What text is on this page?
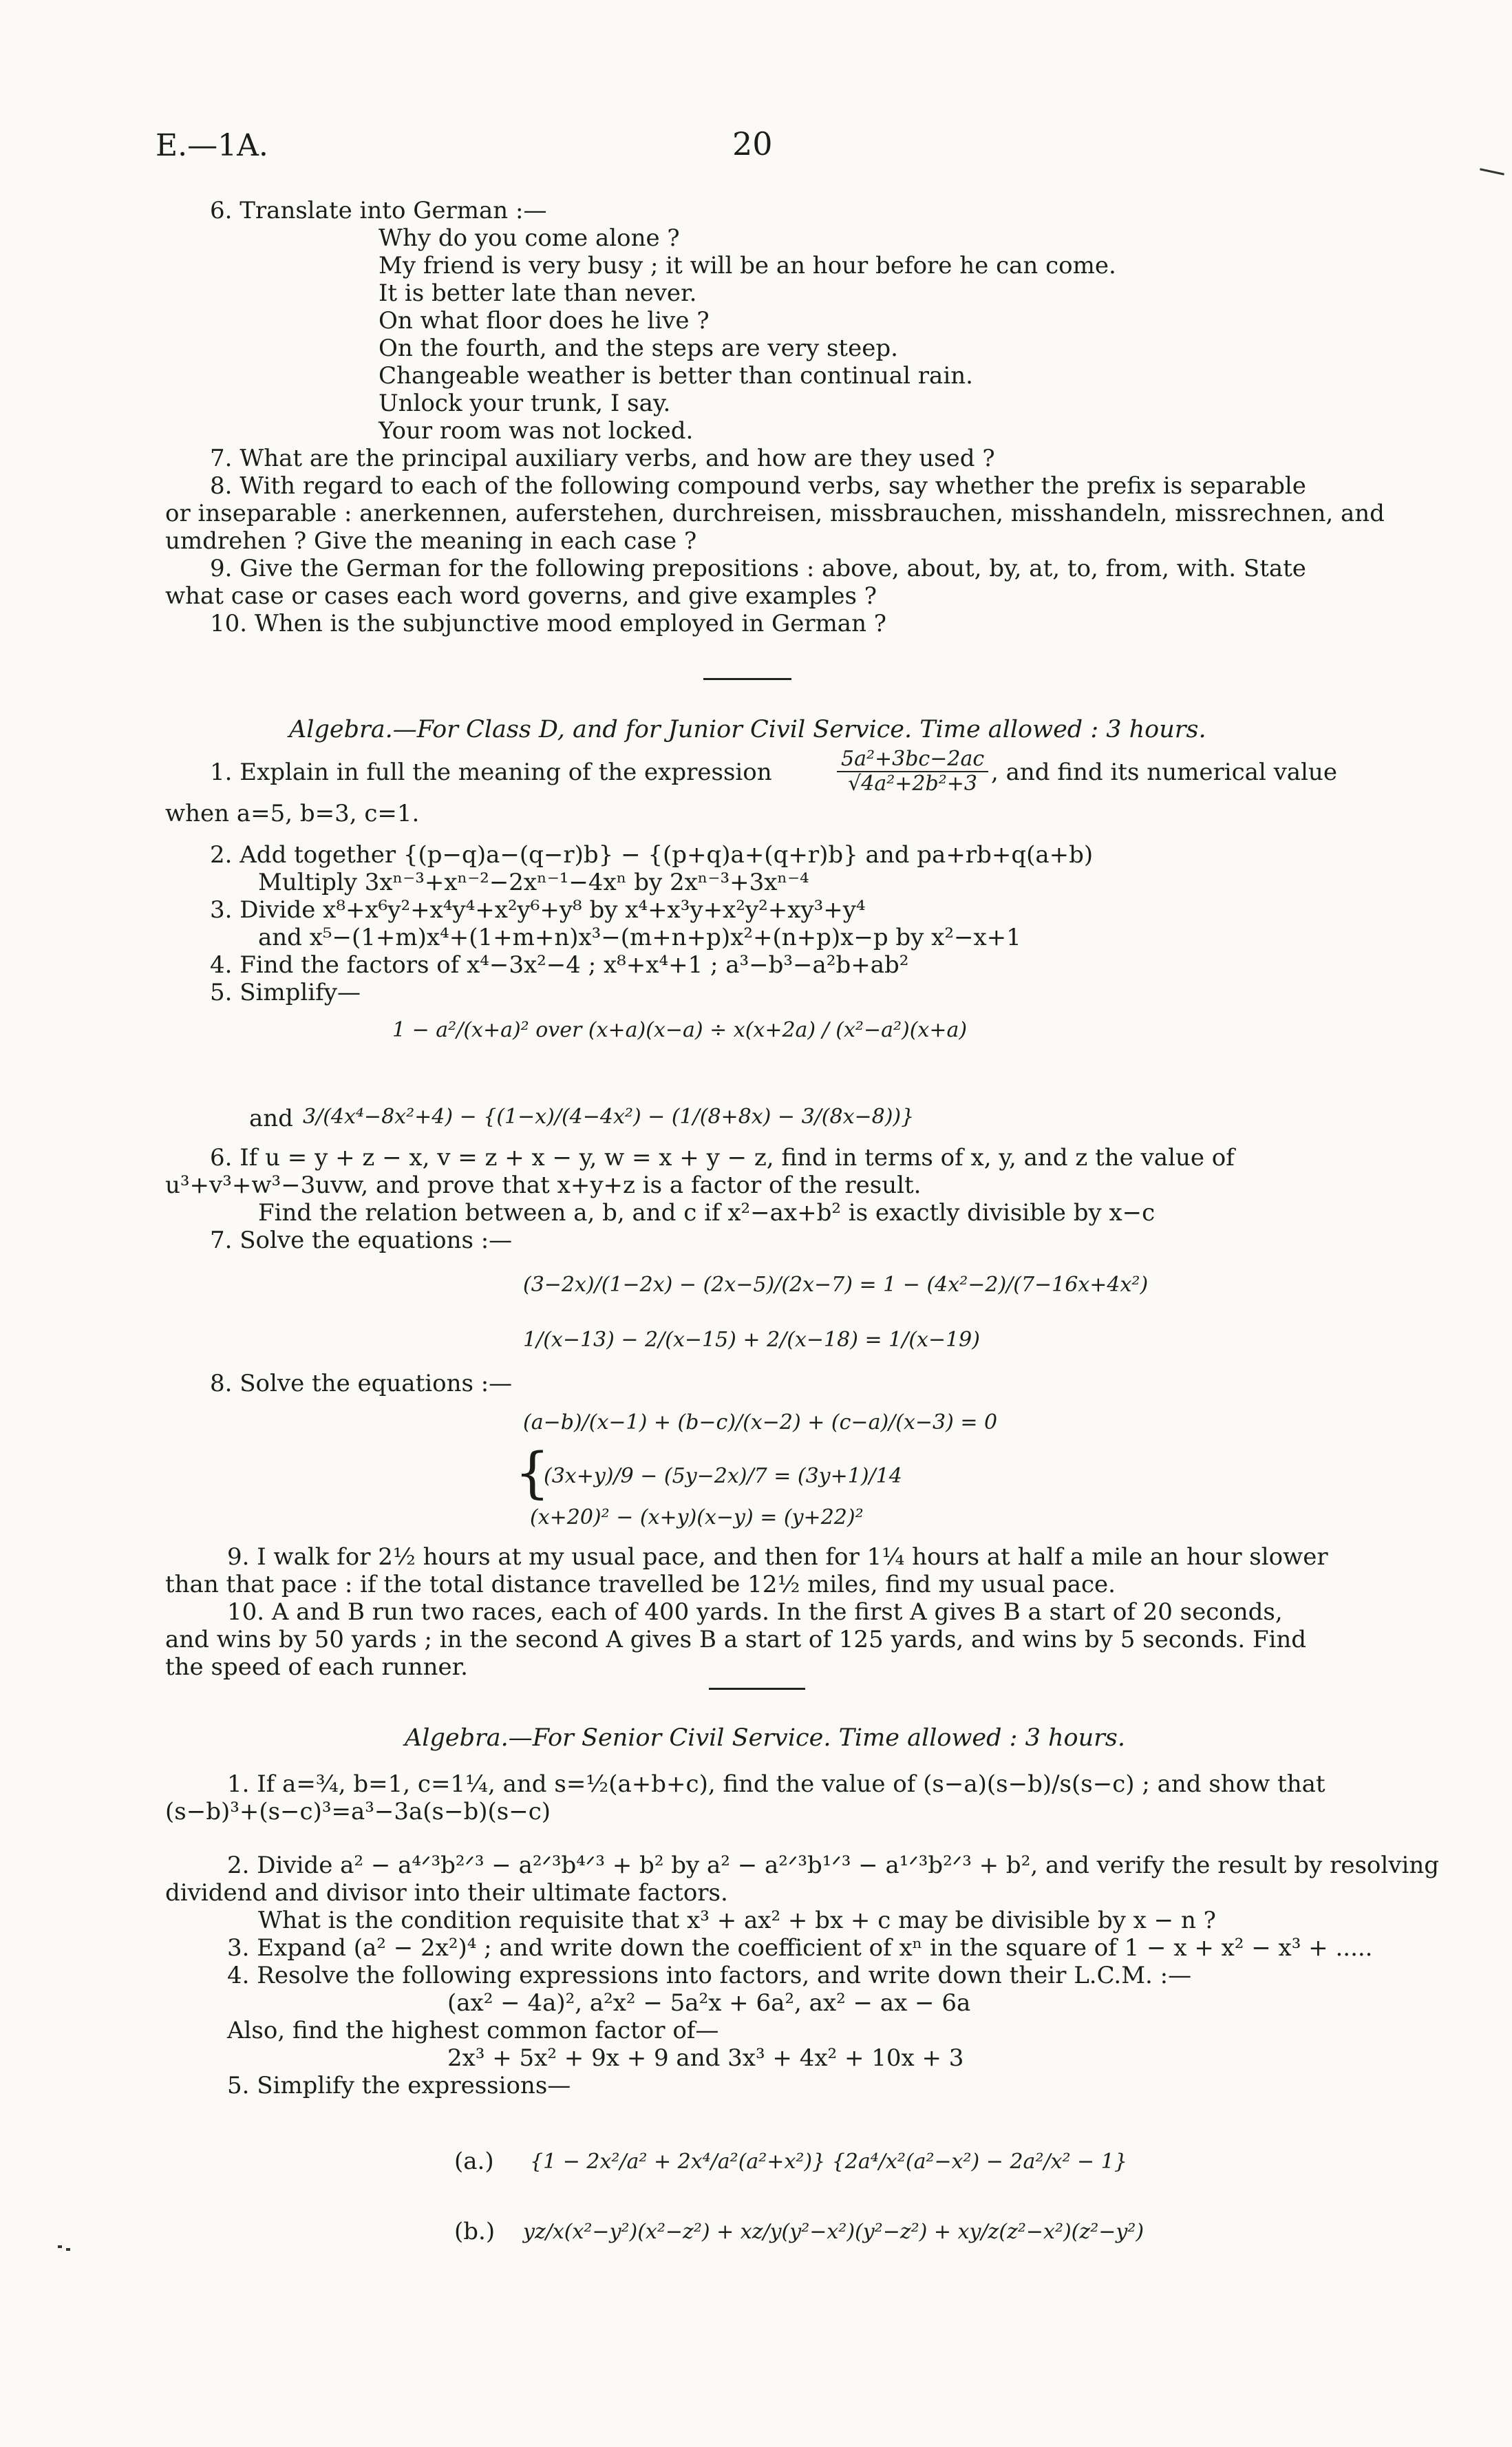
E.—1A.	20
6. Translate into German :—
Why do you come alone ?
My friend is very busy ; it will be an hour before he can come.
It is better late than never.
On what floor does he live ?
On the fourth, and the steps are very steep.
Changeable weather is better than continual rain.
Unlock your trunk, I say.
Your room was not locked.
7. What are the principal auxiliary verbs, and how are they used ?
8. With regard to each of the following compound verbs, say whether the prefix is separable
or inseparable : anerkennen, auferstehen, durchreisen, missbrauchen, misshandeln, missrechnen, and
umdrehen ? Give the meaning in each case ?
9. Give the German for the following prepositions : above, about, by, at, to, from, with. State
what case or cases each word governs, and give examples ?
10. When is the subjunctive mood employed in German ?
Algebra.—For Class D, and for Junior Civil Service. Time allowed : 3 hours.
1. Explain in full the meaning of the expression	$\frac{\text{5a²+3bc−2ac}}{\text{√4a²+2b²+3}}$ , and find its numerical value
when a=5, b=3, c=1.
2. Add together {(p−q)a−(q−r)b} − {(p+q)a+(q+r)b} and pa+rb+q(a+b)
Multiply 3xⁿ⁻³+xⁿ⁻²−2xⁿ⁻¹−4xⁿ by 2xⁿ⁻³+3xⁿ⁻⁴
3. Divide x⁸+x⁶y²+x⁴y⁴+x²y⁶+y⁸ by x⁴+x³y+x²y²+xy³+y⁴
and x⁵−(1+m)x⁴+(1+m+n)x³−(m+n+p)x²+(n+p)x−p by x²−x+1
4. Find the factors of x⁴−3x²−4 ; x⁸+x⁴+1 ; a³−b³−a²b+ab²
5. Simplify—
1 − a²/(x+a)² over (x+a)(x−a) ÷ x(x+2a) / (x²−a²)(x+a)
and 3/(4x⁴−8x²+4) − {(1−x)/(4−4x²) − (1/(8+8x) − 3/(8x−8))}
6. If u = y + z − x, v = z + x − y, w = x + y − z, find in terms of x, y, and z the value of
u³+v³+w³−3uvw, and prove that x+y+z is a factor of the result.
Find the relation between a, b, and c if x²−ax+b² is exactly divisible by x−c
7. Solve the equations :—
(3−2x)/(1−2x) − (2x−5)/(2x−7) = 1 − (4x²−2)/(7−16x+4x²)
1/(x−13) − 2/(x−15) + 2/(x−18) = 1/(x−19)
8. Solve the equations :—
(a−b)/(x−1) + (b−c)/(x−2) + (c−a)/(x−3) = 0
{
(3x+y)/9 − (5y−2x)/7 = (3y+1)/14
(x+20)² − (x+y)(x−y) = (y+22)²
9. I walk for 2½ hours at my usual pace, and then for 1¼ hours at half a mile an hour slower
than that pace : if the total distance travelled be 12½ miles, find my usual pace.
10. A and B run two races, each of 400 yards. In the first A gives B a start of 20 seconds,
and wins by 50 yards ; in the second A gives B a start of 125 yards, and wins by 5 seconds. Find
the speed of each runner.
Algebra.—For Senior Civil Service. Time allowed : 3 hours.
1. If a=¾, b=1, c=1¼, and s=½(a+b+c), find the value of (s−a)(s−b)/s(s−c) ; and show that
(s−b)³+(s−c)³=a³−3a(s−b)(s−c)
2. Divide a² − a⁴ᐟ³b²ᐟ³ − a²ᐟ³b⁴ᐟ³ + b² by a² − a²ᐟ³b¹ᐟ³ − a¹ᐟ³b²ᐟ³ + b², and verify the result by resolving
dividend and divisor into their ultimate factors.
What is the condition requisite that x³ + ax² + bx + c may be divisible by x − n ?
3. Expand (a² − 2x²)⁴ ; and write down the coefficient of xⁿ in the square of 1 − x + x² − x³ + .....
4. Resolve the following expressions into factors, and write down their L.C.M. :—
(ax² − 4a)², a²x² − 5a²x + 6a², ax² − ax − 6a
Also, find the highest common factor of—
2x³ + 5x² + 9x + 9 and 3x³ + 4x² + 10x + 3
5. Simplify the expressions—
(a.) {1 − 2x²/a² + 2x⁴/a²(a²+x²)} {2a⁴/x²(a²−x²) − 2a²/x² − 1}
(b.) yz/x(x²−y²)(x²−z²) + xz/y(y²−x²)(y²−z²) + xy/z(z²−x²)(z²−y²)
